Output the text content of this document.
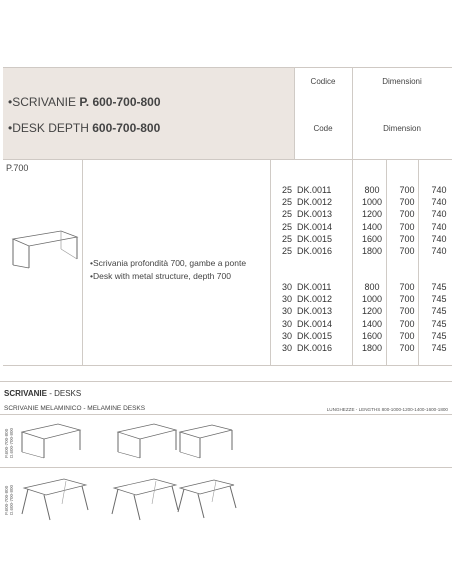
•SCRIVANIE P. 600-700-800
•DESK DEPTH 600-700-800
Codice	Dimensioni
Code	Dimension
P.700
•Scrivania profondità 700, gambe a ponte
•Desk with metal structure, depth 700
25 DK.0011	800	700	740
25 DK.0012	1000	700	740
25 DK.0013	1200	700	740
25 DK.0014	1400	700	740
25 DK.0015	1600	700	740
25 DK.0016	1800	700	740
30 DK.0011	800	700	745
30 DK.0012	1000	700	745
30 DK.0013	1200	700	745
30 DK.0014	1400	700	745
30 DK.0015	1600	700	745
30 DK.0016	1800	700	745
SCRIVANIE - DESKS
SCRIVANIE MELAMINICO - MELAMINE DESKS	LUNGHEZZE - LENGTHS 800-1000-1200-1400-1600-1800
P.600-700-800 D.600-700-800
P.600-700-800 D.600-700-800
